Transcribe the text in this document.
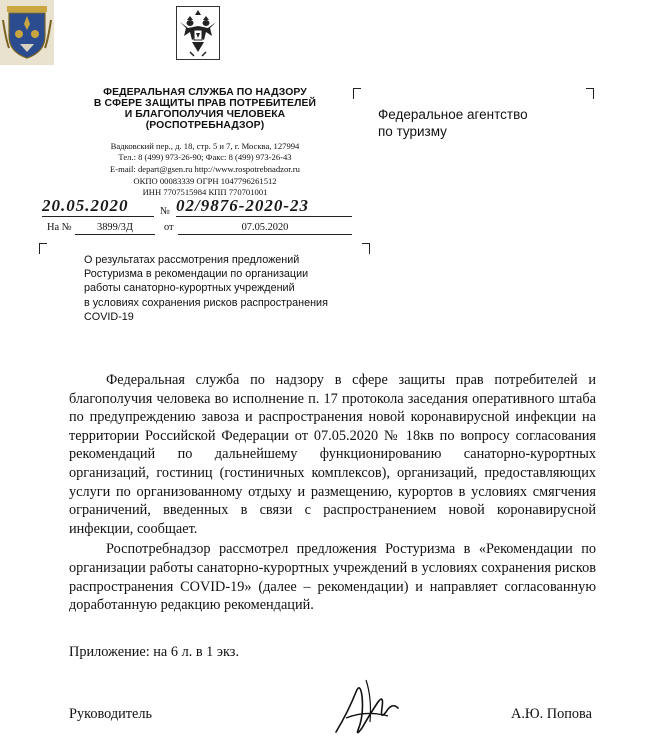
ФЕДЕРАЛЬНАЯ СЛУЖБА ПО НАДЗОРУ
В СФЕРЕ ЗАЩИТЫ ПРАВ ПОТРЕБИТЕЛЕЙ
И БЛАГОПОЛУЧИЯ ЧЕЛОВЕКА
(РОСПОТРЕБНАДЗОР)
Вадковский пер., д. 18, стр. 5 и 7, г. Москва, 127994
Тел.: 8 (499) 973-26-90; Факс: 8 (499) 973-26-43
E-mail: depart@gsen.ru http://www.rospotrebnadzor.ru
ОКПО 00083339 ОГРН 1047796261512
ИНН 7707515984 КПП 770701001
20.05.2020	№ 02/9876-2020-23
На №	3899/3Д	от	07.05.2020
Федеральное агентство
по туризму
О результатах рассмотрения предложений
Ростуризма в рекомендации по организации
работы санаторно-курортных учреждений
в условиях сохранения рисков распространения
COVID-19

Федеральная служба по надзору в сфере защиты прав потребителей и благополучия человека во исполнение п. 17 протокола заседания оперативного штаба по предупреждению завоза и распространения новой коронавирусной инфекции на территории Российской Федерации от 07.05.2020 № 18кв по вопросу согласования рекомендаций по дальнейшему функционированию санаторно-курортных организаций, гостиниц (гостиничных комплексов), организаций, предоставляющих услуги по организованному отдыху и размещению, курортов в условиях смягчения ограничений, введенных в связи с распространением новой коронавирусной инфекции, сообщает.

Роспотребнадзор рассмотрел предложения Ростуризма в «Рекомендации по организации работы санаторно-курортных учреждений в условиях сохранения рисков распространения COVID-19» (далее – рекомендации) и направляет согласованную доработанную редакцию рекомендаций.

Приложение: на 6 л. в 1 экз.
Руководитель	А.Ю. Попова
